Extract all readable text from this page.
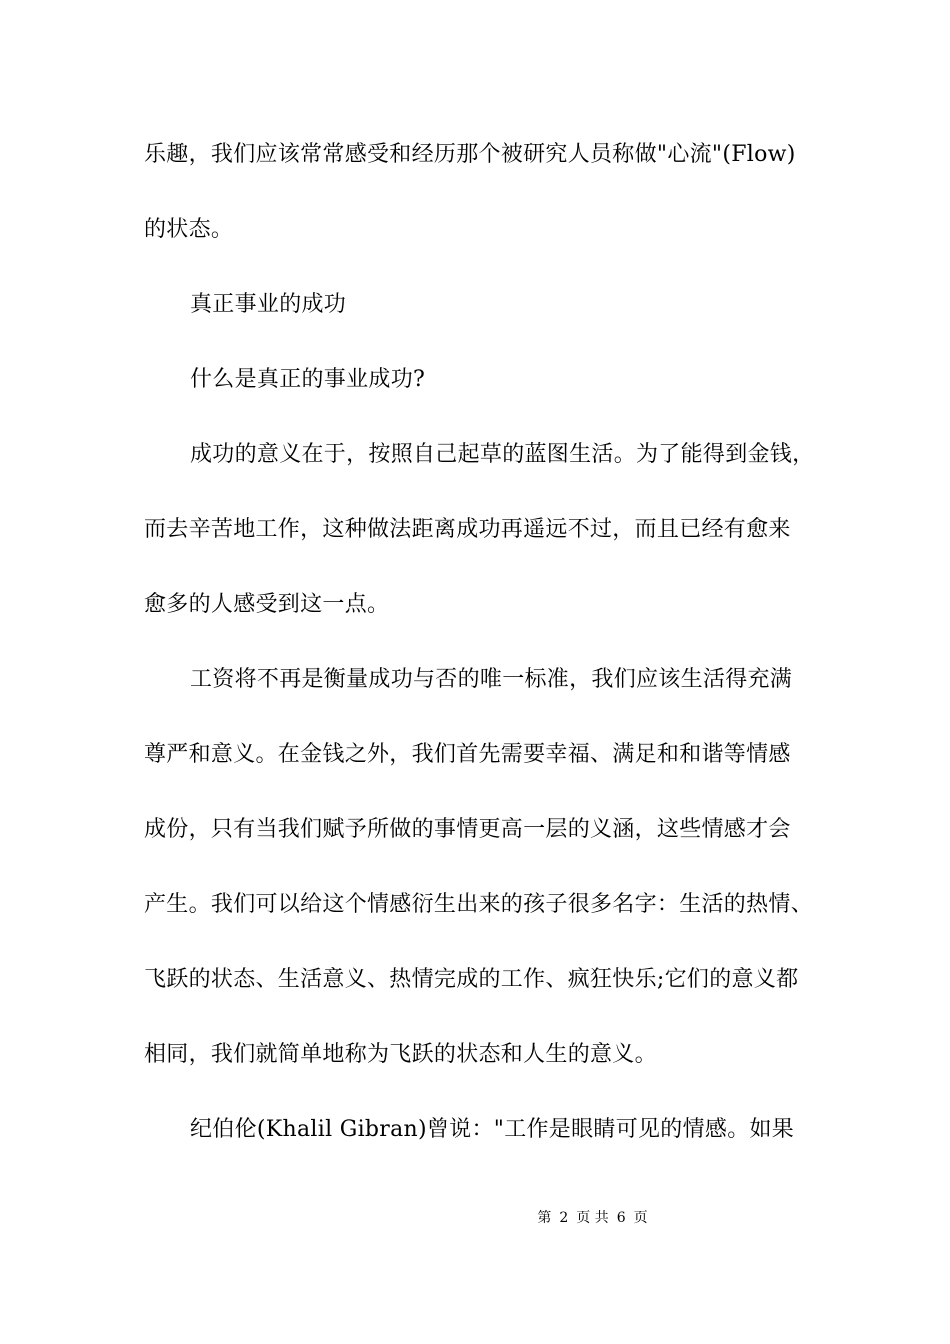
乐趣，我们应该常常感受和经历那个被研究人员称做"心流"(Flow)
的状态。
真正事业的成功
什么是真正的事业成功?
成功的意义在于，按照自己起草的蓝图生活。为了能得到金钱，
而去辛苦地工作，这种做法距离成功再遥远不过，而且已经有愈来
愈多的人感受到这一点。
工资将不再是衡量成功与否的唯一标准，我们应该生活得充满
尊严和意义。在金钱之外，我们首先需要幸福、满足和和谐等情感
成份，只有当我们赋予所做的事情更高一层的义涵，这些情感才会
产生。我们可以给这个情感衍生出来的孩子很多名字：生活的热情、
飞跃的状态、生活意义、热情完成的工作、疯狂快乐;它们的意义都
相同，我们就简单地称为飞跃的状态和人生的意义。
纪伯伦(Khalil Gibran)曾说："工作是眼睛可见的情感。如果
第 2 页 共 6 页
